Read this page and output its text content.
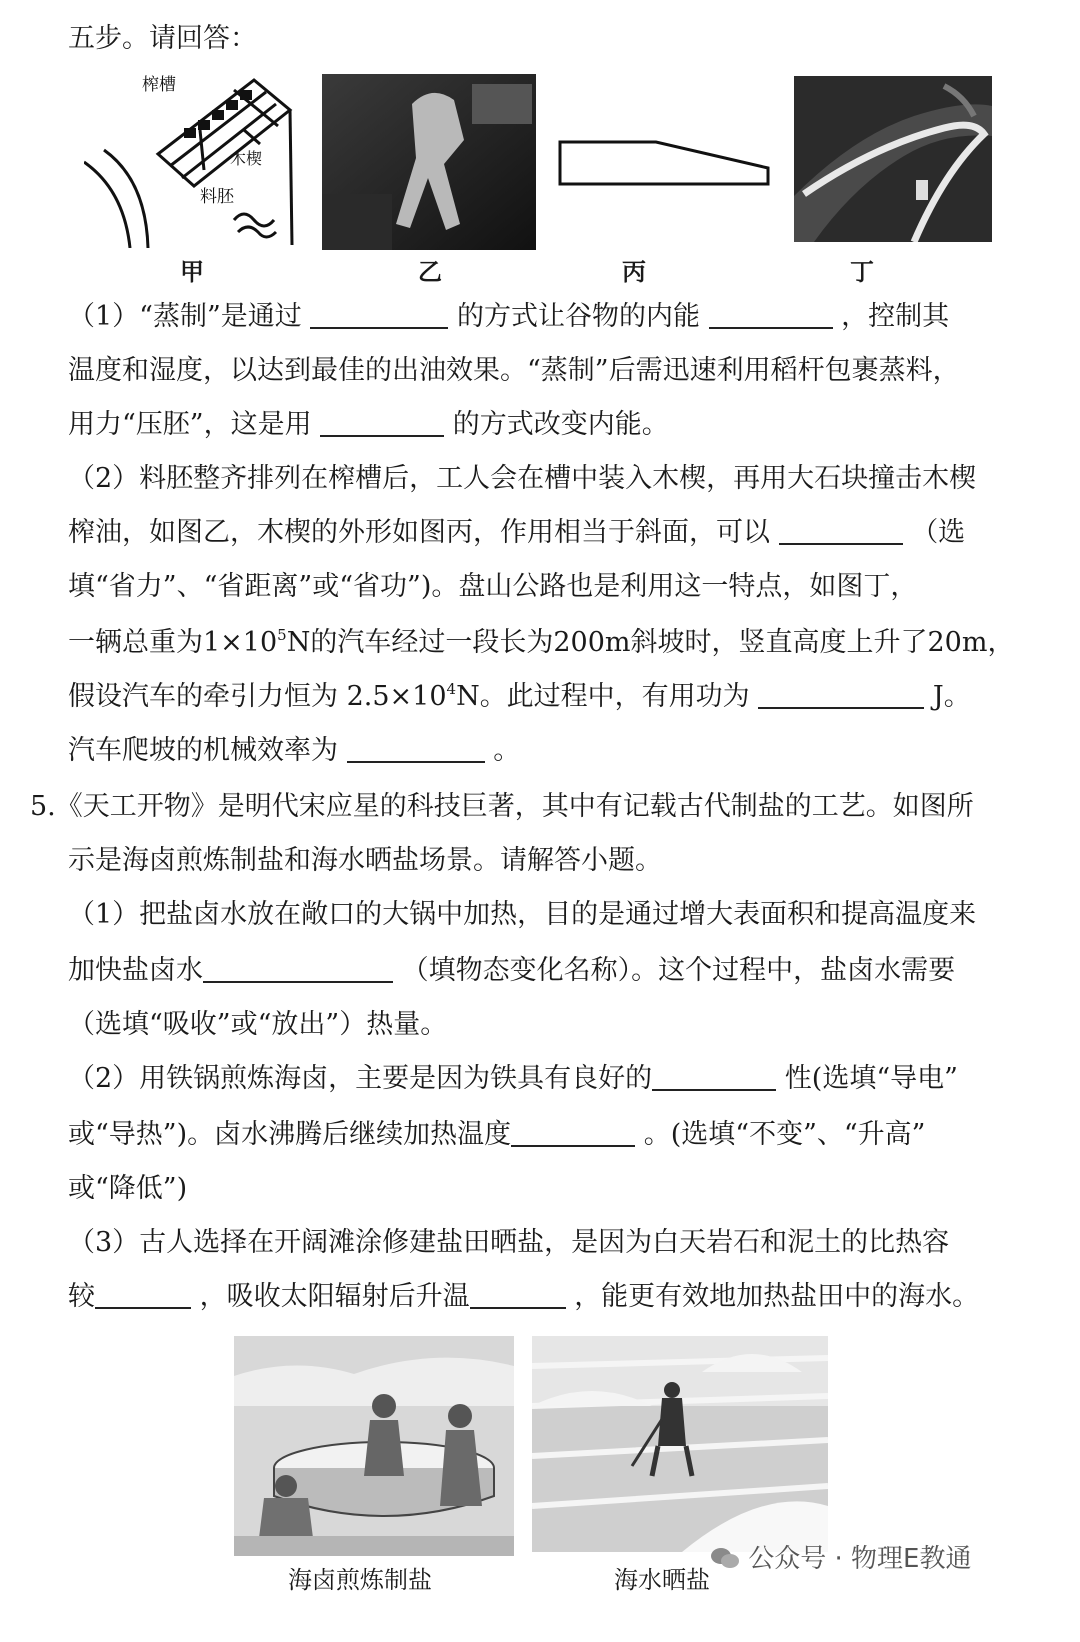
五步。请回答：
榨槽
木楔
料胚
甲	乙	丙	丁
（1）“蒸制”是通过	的方式让谷物的内能	，控制其
温度和湿度，以达到最佳的出油效果。“蒸制”后需迅速利用稻杆包裹蒸料，
用力“压胚”，这是用	的方式改变内能。
（2）料胚整齐排列在榨槽后，工人会在槽中装入木楔，再用大石块撞击木楔
榨油，如图乙，木楔的外形如图丙，作用相当于斜面，可以	（选
填“省力”、“省距离”或“省功”)。盘山公路也是利用这一特点，如图丁，
一辆总重为$1\times 10^5N$的汽车经过一段长为200m斜坡时，竖直高度上升了20m，
假设汽车的牵引力恒为 $2.5\times 10^4N$。此过程中，有用功为	J。
汽车爬坡的机械效率为	。
5.《天工开物》是明代宋应星的科技巨著，其中有记载古代制盐的工艺。如图所
示是海卤煎炼制盐和海水晒盐场景。请解答小题。
（1）把盐卤水放在敞口的大锅中加热，目的是通过增大表面积和提高温度来
加快盐卤水	（填物态变化名称）。这个过程中，盐卤水需要
（选填“吸收”或“放出”）热量。
（2）用铁锅煎炼海卤，主要是因为铁具有良好的	性(选填“导电”
或“导热”)。卤水沸腾后继续加热温度	。(选填“不变”、“升高”
或“降低”)
（3）古人选择在开阔滩涂修建盐田晒盐，是因为白天岩石和泥土的比热容
较	，吸收太阳辐射后升温	，能更有效地加热盐田中的海水。
海卤煎炼制盐	海水晒盐
公众号 · 物理E教通
